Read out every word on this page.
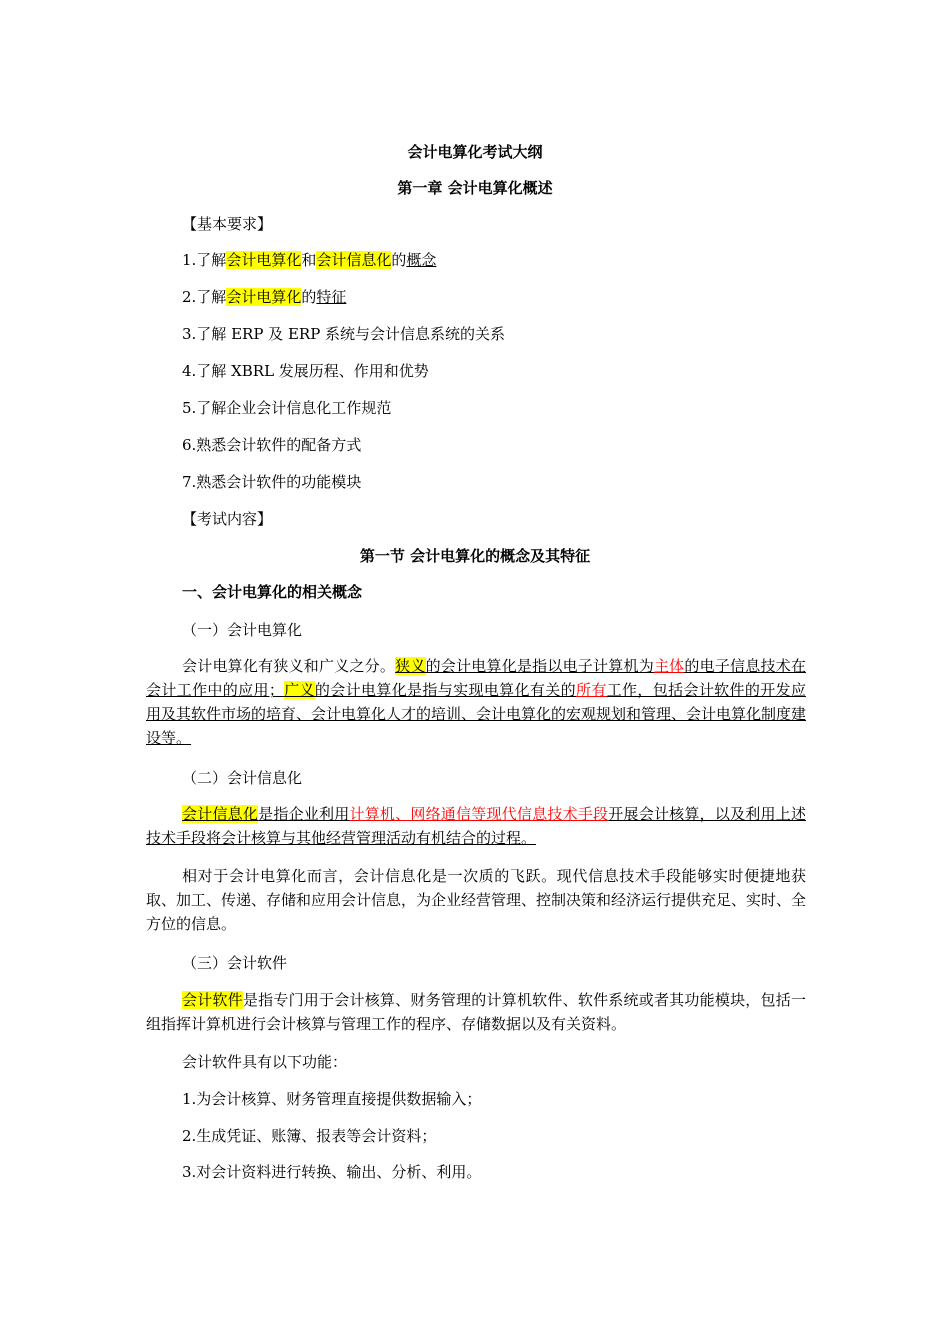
会计电算化考试大纲
第一章 会计电算化概述
【基本要求】
1.了解会计电算化和会计信息化的概念
2.了解会计电算化的特征
3.了解 ERP 及 ERP 系统与会计信息系统的关系
4.了解 XBRL 发展历程、作用和优势
5.了解企业会计信息化工作规范
6.熟悉会计软件的配备方式
7.熟悉会计软件的功能模块
【考试内容】
第一节 会计电算化的概念及其特征
一、会计电算化的相关概念
（一）会计电算化
会计电算化有狭义和广义之分。狭义的会计电算化是指以电子计算机为主体的电子信息技术在会计工作中的应用；广义的会计电算化是指与实现电算化有关的所有工作，包括会计软件的开发应用及其软件市场的培育、会计电算化人才的培训、会计电算化的宏观规划和管理、会计电算化制度建设等。
（二）会计信息化
会计信息化是指企业利用计算机、网络通信等现代信息技术手段开展会计核算，以及利用上述技术手段将会计核算与其他经营管理活动有机结合的过程。
相对于会计电算化而言，会计信息化是一次质的飞跃。现代信息技术手段能够实时便捷地获取、加工、传递、存储和应用会计信息，为企业经营管理、控制决策和经济运行提供充足、实时、全方位的信息。
（三）会计软件
会计软件是指专门用于会计核算、财务管理的计算机软件、软件系统或者其功能模块，包括一组指挥计算机进行会计核算与管理工作的程序、存储数据以及有关资料。
会计软件具有以下功能：
1.为会计核算、财务管理直接提供数据输入；
2.生成凭证、账簿、报表等会计资料；
3.对会计资料进行转换、输出、分析、利用。
